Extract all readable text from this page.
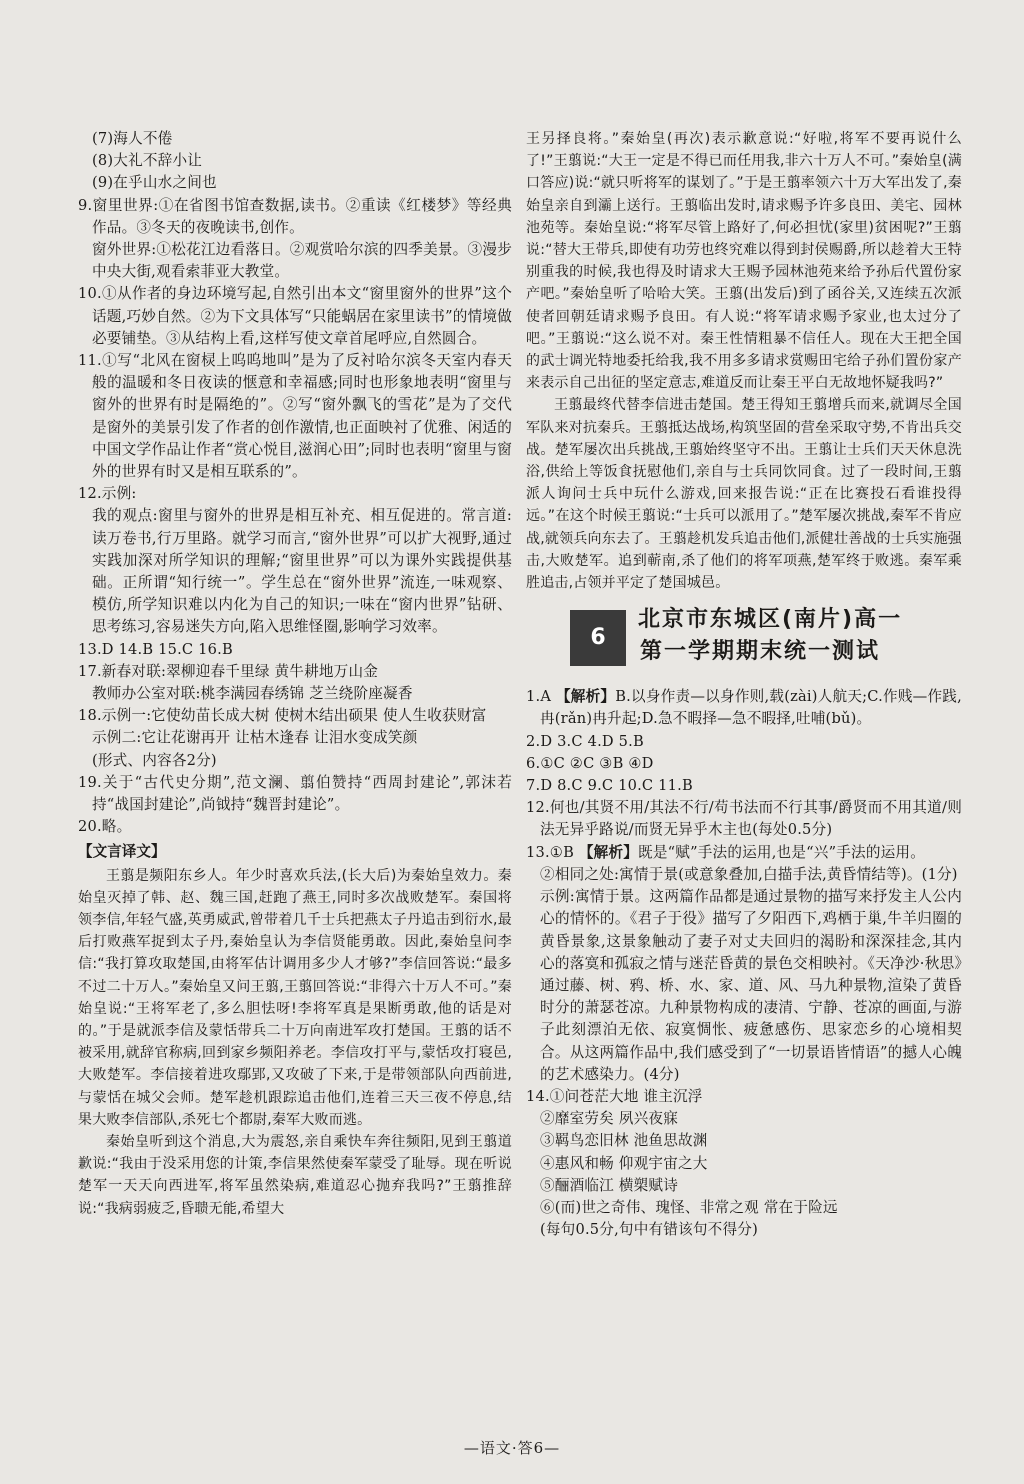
(7)海人不倦

(8)大礼不辞小让

(9)在乎山水之间也

9.窗里世界:①在省图书馆查数据,读书。②重读《红楼梦》等经典作品。③冬天的夜晚读书,创作。

窗外世界:①松花江边看落日。②观赏哈尔滨的四季美景。③漫步中央大街,观看索菲亚大教堂。

10.①从作者的身边环境写起,自然引出本文“窗里窗外的世界”这个话题,巧妙自然。②为下文具体写“只能蜗居在家里读书”的情境做必要铺垫。③从结构上看,这样写使文章首尾呼应,自然圆合。

11.①写“北风在窗棂上呜呜地叫”是为了反衬哈尔滨冬天室内春天般的温暖和冬日夜读的惬意和幸福感;同时也形象地表明“窗里与窗外的世界有时是隔绝的”。②写“窗外飘飞的雪花”是为了交代是窗外的美景引发了作者的创作激情,也正面映衬了优雅、闲适的中国文学作品让作者“赏心悦目,滋润心田”;同时也表明“窗里与窗外的世界有时又是相互联系的”。

12.示例:

我的观点:窗里与窗外的世界是相互补充、相互促进的。常言道:读万卷书,行万里路。就学习而言,“窗外世界”可以扩大视野,通过实践加深对所学知识的理解;“窗里世界”可以为课外实践提供基础。正所谓“知行统一”。学生总在“窗外世界”流连,一味观察、模仿,所学知识难以内化为自己的知识;一味在“窗内世界”钻研、思考练习,容易迷失方向,陷入思维怪圈,影响学习效率。

13.D 14.B 15.C 16.B

17.新春对联:翠柳迎春千里绿 黄牛耕地万山金

教师办公室对联:桃李满园春绣锦 芝兰绕阶座凝香

18.示例一:它使幼苗长成大树 使树木结出硕果 使人生收获财富

示例二:它让花谢再开 让枯木逢春 让泪水变成笑颜

(形式、内容各2分)

19.关于“古代史分期”,范文澜、翦伯赞持“西周封建论”,郭沫若持“战国封建论”,尚钺持“魏晋封建论”。

20.略。

【文言译文】

王翦是频阳东乡人。年少时喜欢兵法,(长大后)为秦始皇效力。秦始皇灭掉了韩、赵、魏三国,赶跑了燕王,同时多次战败楚军。秦国将领李信,年轻气盛,英勇威武,曾带着几千士兵把燕太子丹追击到衍水,最后打败燕军捉到太子丹,秦始皇认为李信贤能勇敢。因此,秦始皇问李信:“我打算攻取楚国,由将军估计调用多少人才够?”李信回答说:“最多不过二十万人。”秦始皇又问王翦,王翦回答说:“非得六十万人不可。”秦始皇说:“王将军老了,多么胆怯呀!李将军真是果断勇敢,他的话是对的。”于是就派李信及蒙恬带兵二十万向南进军攻打楚国。王翦的话不被采用,就辞官称病,回到家乡频阳养老。李信攻打平与,蒙恬攻打寝邑,大败楚军。李信接着进攻鄢郢,又攻破了下来,于是带领部队向西前进,与蒙恬在城父会师。楚军趁机跟踪追击他们,连着三天三夜不停息,结果大败李信部队,杀死七个都尉,秦军大败而逃。

秦始皇听到这个消息,大为震怒,亲自乘快车奔往频阳,见到王翦道歉说:“我由于没采用您的计策,李信果然使秦军蒙受了耻辱。现在听说楚军一天天向西进军,将军虽然染病,难道忍心抛弃我吗?”王翦推辞说:“我病弱疲乏,昏聩无能,希望大

王另择良将。”秦始皇(再次)表示歉意说:“好啦,将军不要再说什么了!”王翦说:“大王一定是不得已而任用我,非六十万人不可。”秦始皇(满口答应)说:“就只听将军的谋划了。”于是王翦率领六十万大军出发了,秦始皇亲自到灞上送行。王翦临出发时,请求赐予许多良田、美宅、园林池苑等。秦始皇说:“将军尽管上路好了,何必担忧(家里)贫困呢?”王翦说:“替大王带兵,即使有功劳也终究难以得到封侯赐爵,所以趁着大王特别重我的时候,我也得及时请求大王赐予园林池苑来给予孙后代置份家产吧。”秦始皇听了哈哈大笑。王翦(出发后)到了函谷关,又连续五次派使者回朝廷请求赐予良田。有人说:“将军请求赐予家业,也太过分了吧。”王翦说:“这么说不对。秦王性情粗暴不信任人。现在大王把全国的武士调光特地委托给我,我不用多多请求赏赐田宅给子孙们置份家产来表示自己出征的坚定意志,难道反而让秦王平白无故地怀疑我吗?”

王翦最终代替李信进击楚国。楚王得知王翦增兵而来,就调尽全国军队来对抗秦兵。王翦抵达战场,构筑坚固的营垒采取守势,不肯出兵交战。楚军屡次出兵挑战,王翦始终坚守不出。王翦让士兵们天天休息洗浴,供给上等饭食抚慰他们,亲自与士兵同饮同食。过了一段时间,王翦派人询问士兵中玩什么游戏,回来报告说:“正在比赛投石看谁投得远。”在这个时候王翦说:“士兵可以派用了。”楚军屡次挑战,秦军不肯应战,就领兵向东去了。王翦趁机发兵追击他们,派健壮善战的士兵实施强击,大败楚军。追到蕲南,杀了他们的将军项燕,楚军终于败逃。秦军乘胜追击,占领并平定了楚国城邑。

6
北京市东城区(南片)高一
第一学期期末统一测试

1.A 【解析】B.以身作责—以身作则,载(zài)人航天;C.作贱—作践,冉(rǎn)冉升起;D.急不暇择—急不暇择,吐哺(bǔ)。

2.D 3.C 4.D 5.B

6.①C ②C ③B ④D

7.D 8.C 9.C 10.C 11.B

12.何也/其贤不用/其法不行/苟书法而不行其事/爵贤而不用其道/则法无异乎路说/而贤无异乎木主也(每处0.5分)

13.①B 【解析】既是“赋”手法的运用,也是“兴”手法的运用。

②相同之处:寓情于景(或意象叠加,白描手法,黄昏情结等)。(1分)

示例:寓情于景。这两篇作品都是通过景物的描写来抒发主人公内心的情怀的。《君子于役》描写了夕阳西下,鸡栖于巢,牛羊归圈的黄昏景象,这景象触动了妻子对丈夫回归的渴盼和深深挂念,其内心的落寞和孤寂之情与迷茫昏黄的景色交相映衬。《天净沙·秋思》通过藤、树、鸦、桥、水、家、道、风、马九种景物,渲染了黄昏时分的萧瑟苍凉。九种景物构成的凄清、宁静、苍凉的画面,与游子此刻漂泊无依、寂寞惆怅、疲惫感伤、思家恋乡的心境相契合。从这两篇作品中,我们感受到了“一切景语皆情语”的撼人心魄的艺术感染力。(4分)

14.①问苍茫大地 谁主沉浮

②靡室劳矣 夙兴夜寐

③羁鸟恋旧林 池鱼思故渊

④惠风和畅 仰观宇宙之大

⑤酾酒临江 横槊赋诗

⑥(而)世之奇伟、瑰怪、非常之观 常在于险远

(每句0.5分,句中有错该句不得分)

—语文·答6—
